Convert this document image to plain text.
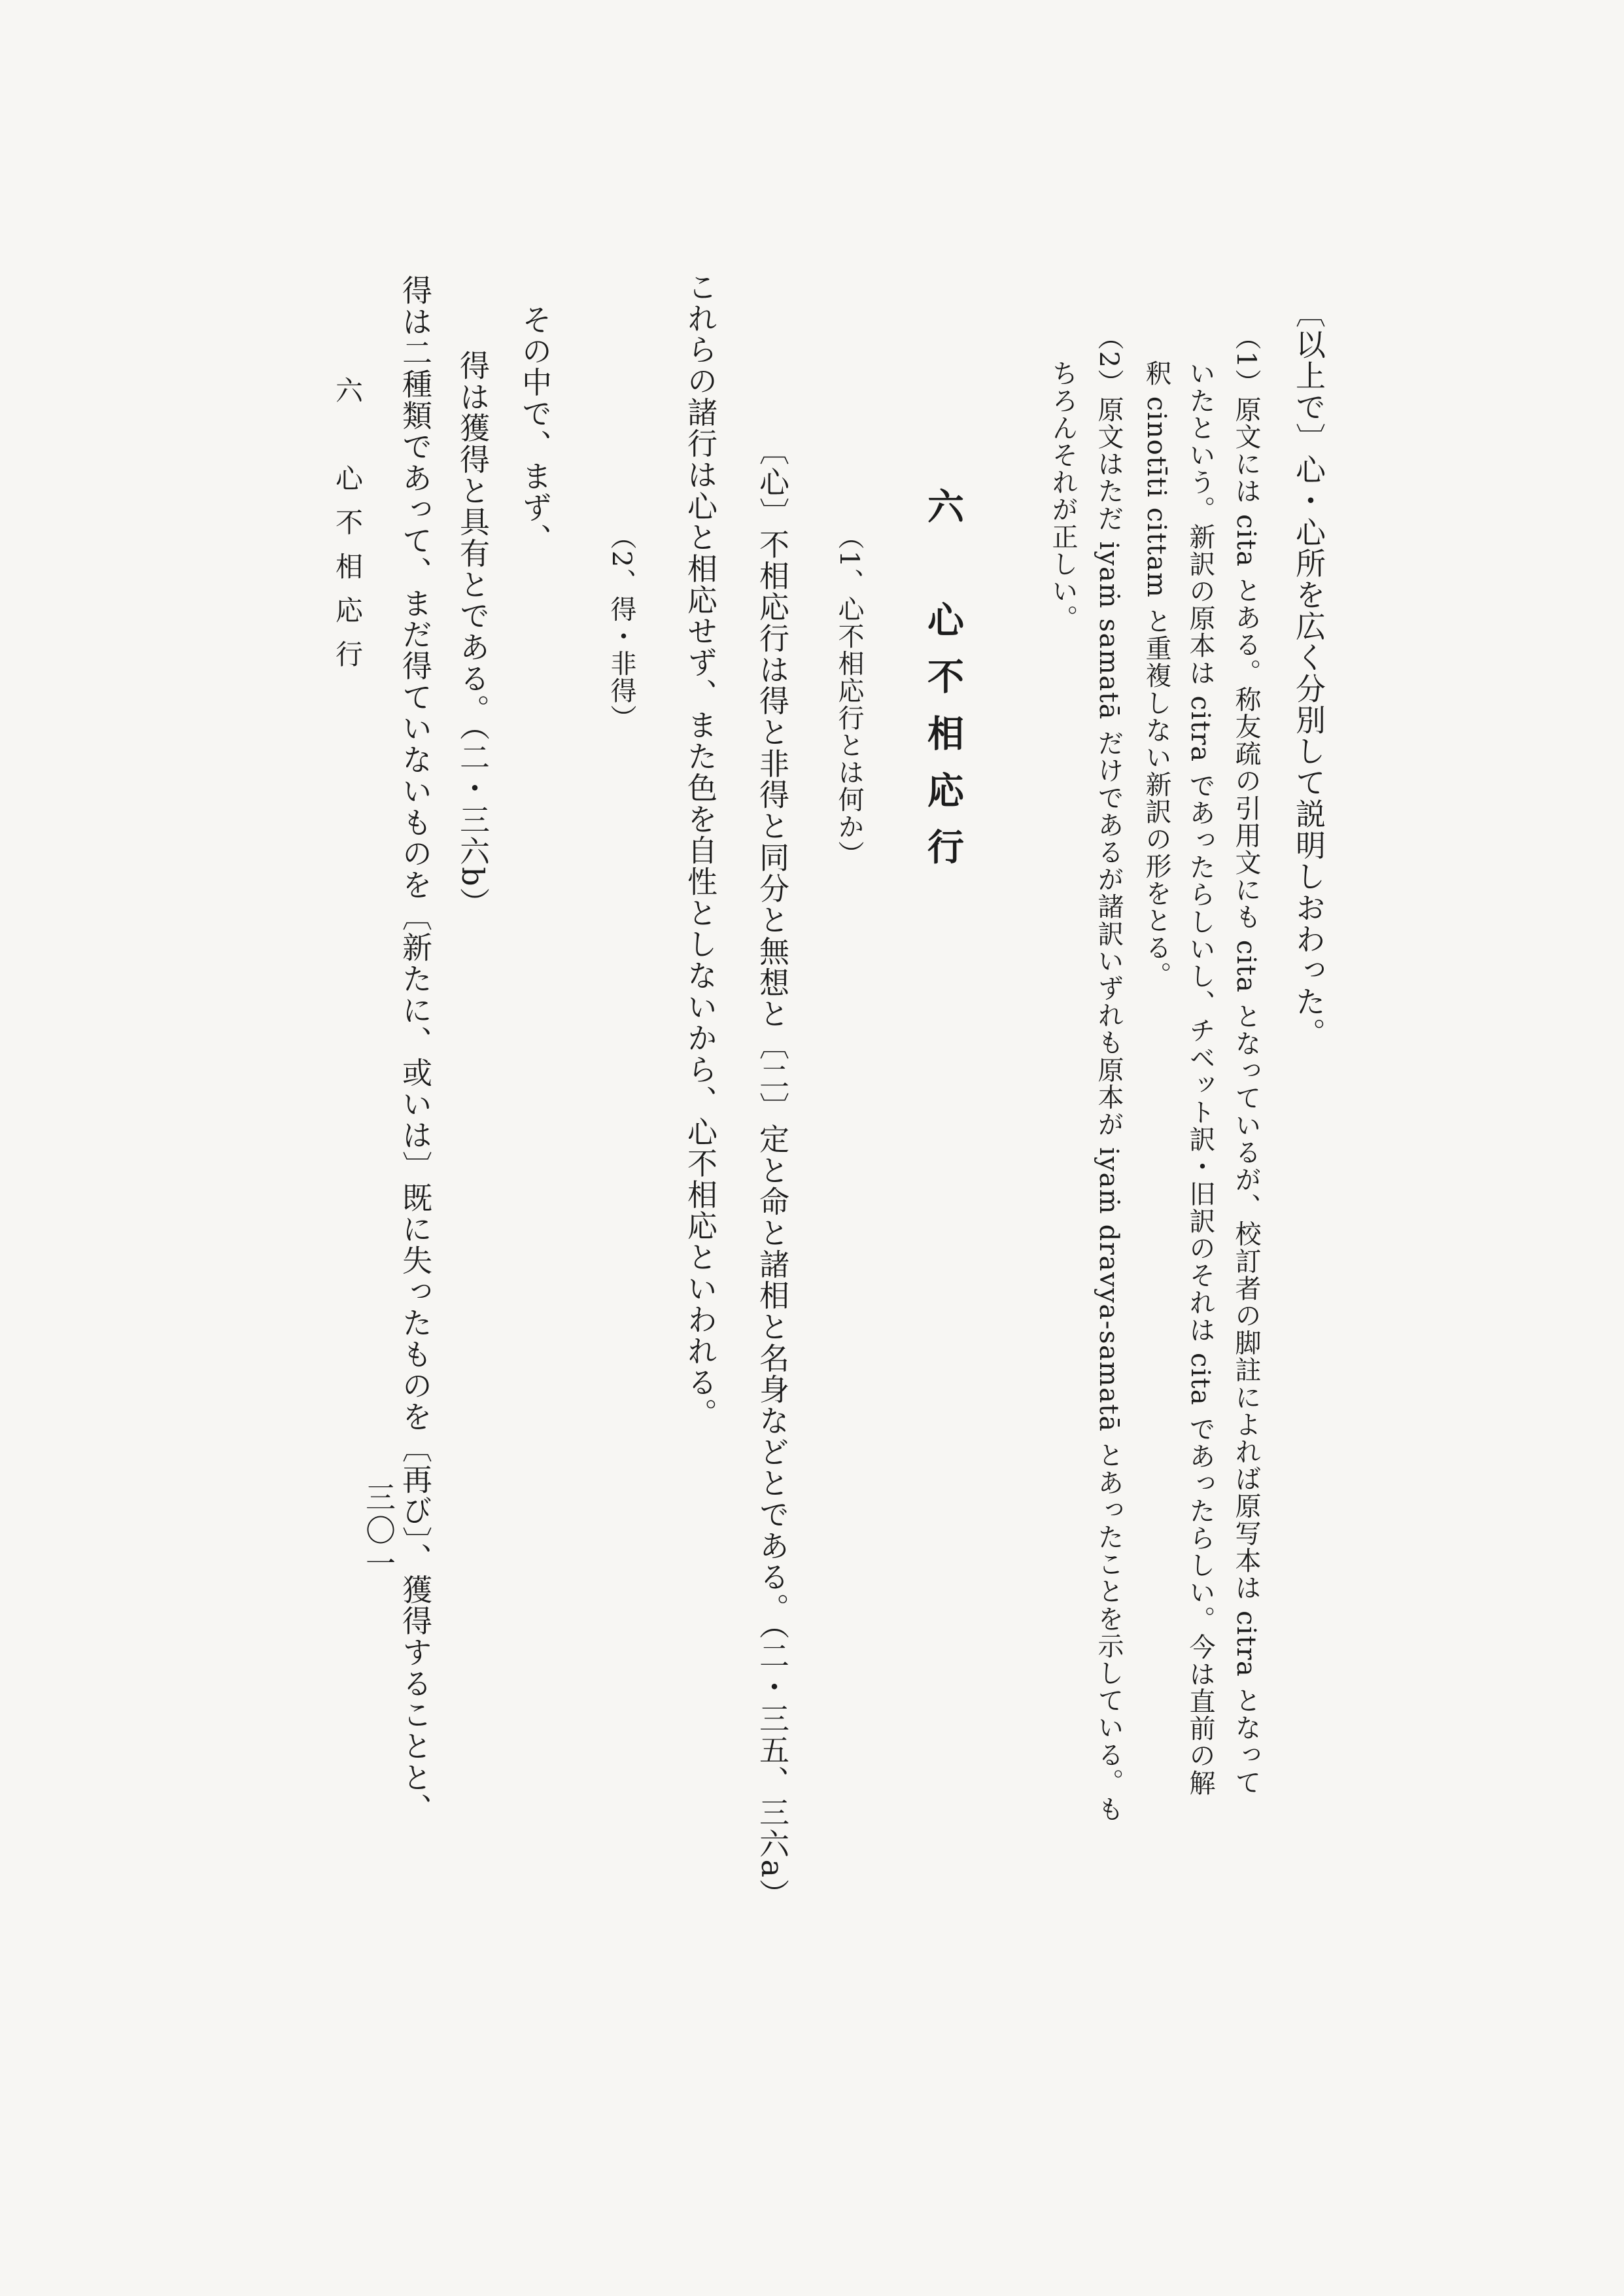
〔以上で〕心・心所を広く分別して説明しおわった。
（1）原文には cita とある。称友疏の引用文にも cita となっているが、校訂者の脚註によれば原写本は citra となって
いたという。新訳の原本は citra であったらしいし、チベット訳・旧訳のそれは cita であったらしい。今は直前の解
釈 cinotīti cittam と重複しない新訳の形をとる。
（2）原文はただ iyaṁ samatā だけであるが諸訳いずれも原本が iyaṁ dravya-samatā とあったことを示している。も
ちろんそれが正しい。
六　心不相応行
（1、心不相応行とは何か）
〔心〕不相応行は得と非得と同分と無想と〔二〕定と命と諸相と名身などとである。（二・三五、三六a）
これらの諸行は心と相応せず、また色を自性としないから、心不相応といわれる。
（2、得・非得）
その中で、まず、
得は獲得と具有とである。（二・三六b）
得は二種類であって、まだ得ていないものを〔新たに、或いは〕既に失ったものを〔再び〕、獲得することと、
六　心不相応行
三〇一
